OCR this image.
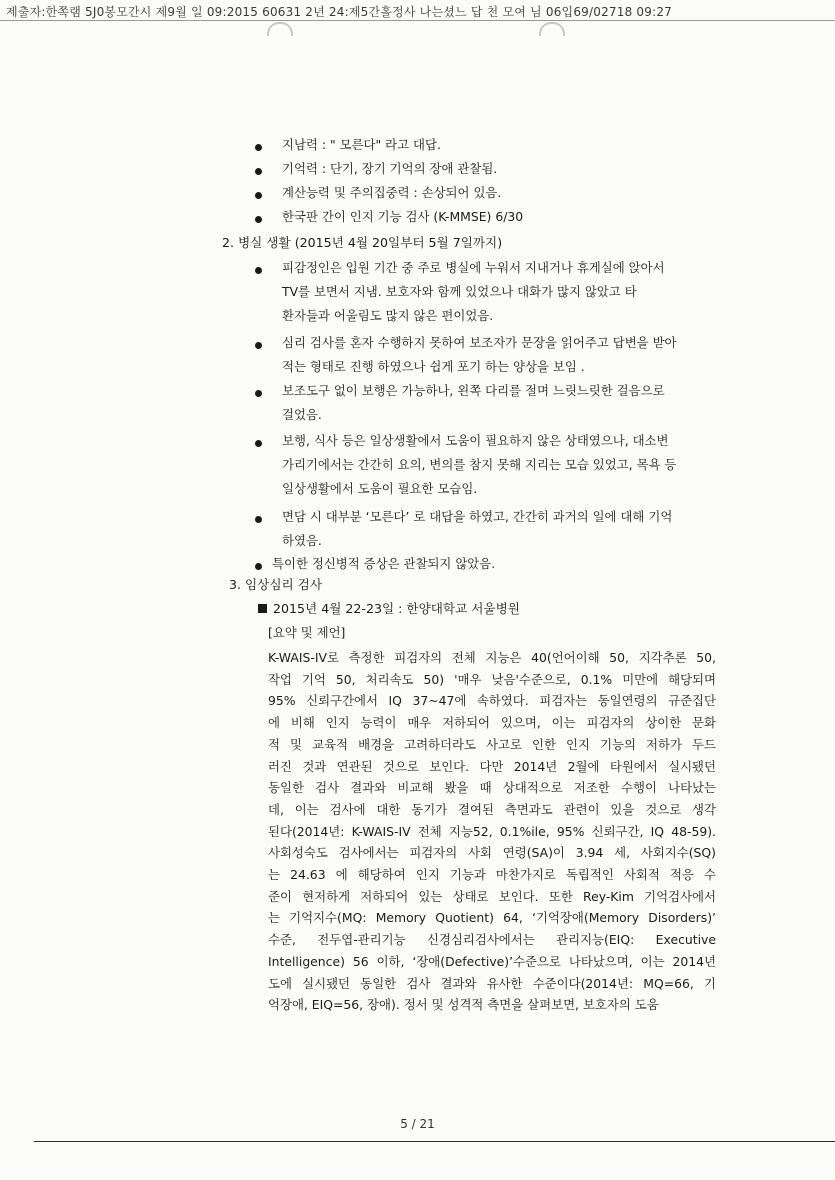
제출자:한쪽램 5J0봉모간시 제9월 일 09:2015 60631 2년 24:제5간홀정사 나는셨느 답 천 모여 님 06입69/02718 09:27
지남력 : " 모른다" 라고 대답.
기억력 : 단기, 장기 기억의 장애 관찰됨.
계산능력 및 주의집중력 : 손상되어 있음.
한국판 간이 인지 기능 검사 (K-MMSE) 6/30
2. 병실 생활 (2015년 4월 20일부터 5월 7일까지)
피감정인은 입원 기간 중 주로 병실에 누워서 지내거나 휴게실에 앉아서
TV를 보면서 지냄. 보호자와 함께 있었으나 대화가 많지 않았고 타
환자들과 어울림도 많지 않은 편이었음.
심리 검사를 혼자 수행하지 못하여 보조자가 문장을 읽어주고 답변을 받아
적는 형태로 진행 하였으나 쉽게 포기 하는 양상을 보임 .
보조도구 없이 보행은 가능하나, 왼쪽 다리를 절며 느릿느릿한 걸음으로
걸었음.
보행, 식사 등은 일상생활에서 도움이 필요하지 않은 상태였으나, 대소변
가리기에서는 간간히 요의, 변의를 참지 못해 지리는 모습 있었고, 목욕 등
일상생활에서 도움이 필요한 모습임.
면담 시 대부분 ‘모른다’ 로 대답을 하였고, 간간히 과거의 일에 대해 기억
하였음.
특이한 정신병적 증상은 관찰되지 않았음.
3. 임상심리 검사
2015년 4월 22-23일 : 한양대학교 서울병원
[요약 및 제언]
K-WAIS-IV로 측정한 피검자의 전체 지능은 40(언어이해 50, 지각추론 50,
작업 기억 50, 처리속도 50) '매우 낮음'수준으로, 0.1% 미만에 해당되며
95% 신뢰구간에서 IQ 37~47에 속하였다. 피검자는 동일연령의 규준집단
에 비해 인지 능력이 매우 저하되어 있으며, 이는 피검자의 상이한 문화
적 및 교육적 배경을 고려하더라도 사고로 인한 인지 기능의 저하가 두드
러진 것과 연관된 것으로 보인다. 다만 2014년 2월에 타원에서 실시됐던
동일한 검사 결과와 비교해 봤을 때 상대적으로 저조한 수행이 나타났는
데, 이는 검사에 대한 동기가 결여된 측면과도 관련이 있을 것으로 생각
된다(2014년: K-WAIS-IV 전체 지능52, 0.1%ile, 95% 신뢰구간, IQ 48-59).
사회성숙도 검사에서는 피검자의 사회 연령(SA)이 3.94 세, 사회지수(SQ)
는 24.63 에 해당하여 인지 기능과 마찬가지로 독립적인 사회적 적응 수
준이 현저하게 저하되어 있는 상태로 보인다. 또한 Rey-Kim 기억검사에서
는 기억지수(MQ: Memory Quotient) 64, ‘기억장애(Memory Disorders)’
수준, 전두엽-관리기능 신경심리검사에서는 관리지능(EIQ: Executive
Intelligence) 56 이하, ‘장애(Defective)’수준으로 나타났으며, 이는 2014년
도에 실시됐던 동일한 검사 결과와 유사한 수준이다(2014년: MQ=66, 기
억장애, EIQ=56, 장애). 정서 및 성격적 측면을 살펴보면, 보호자의 도움
5 / 21
